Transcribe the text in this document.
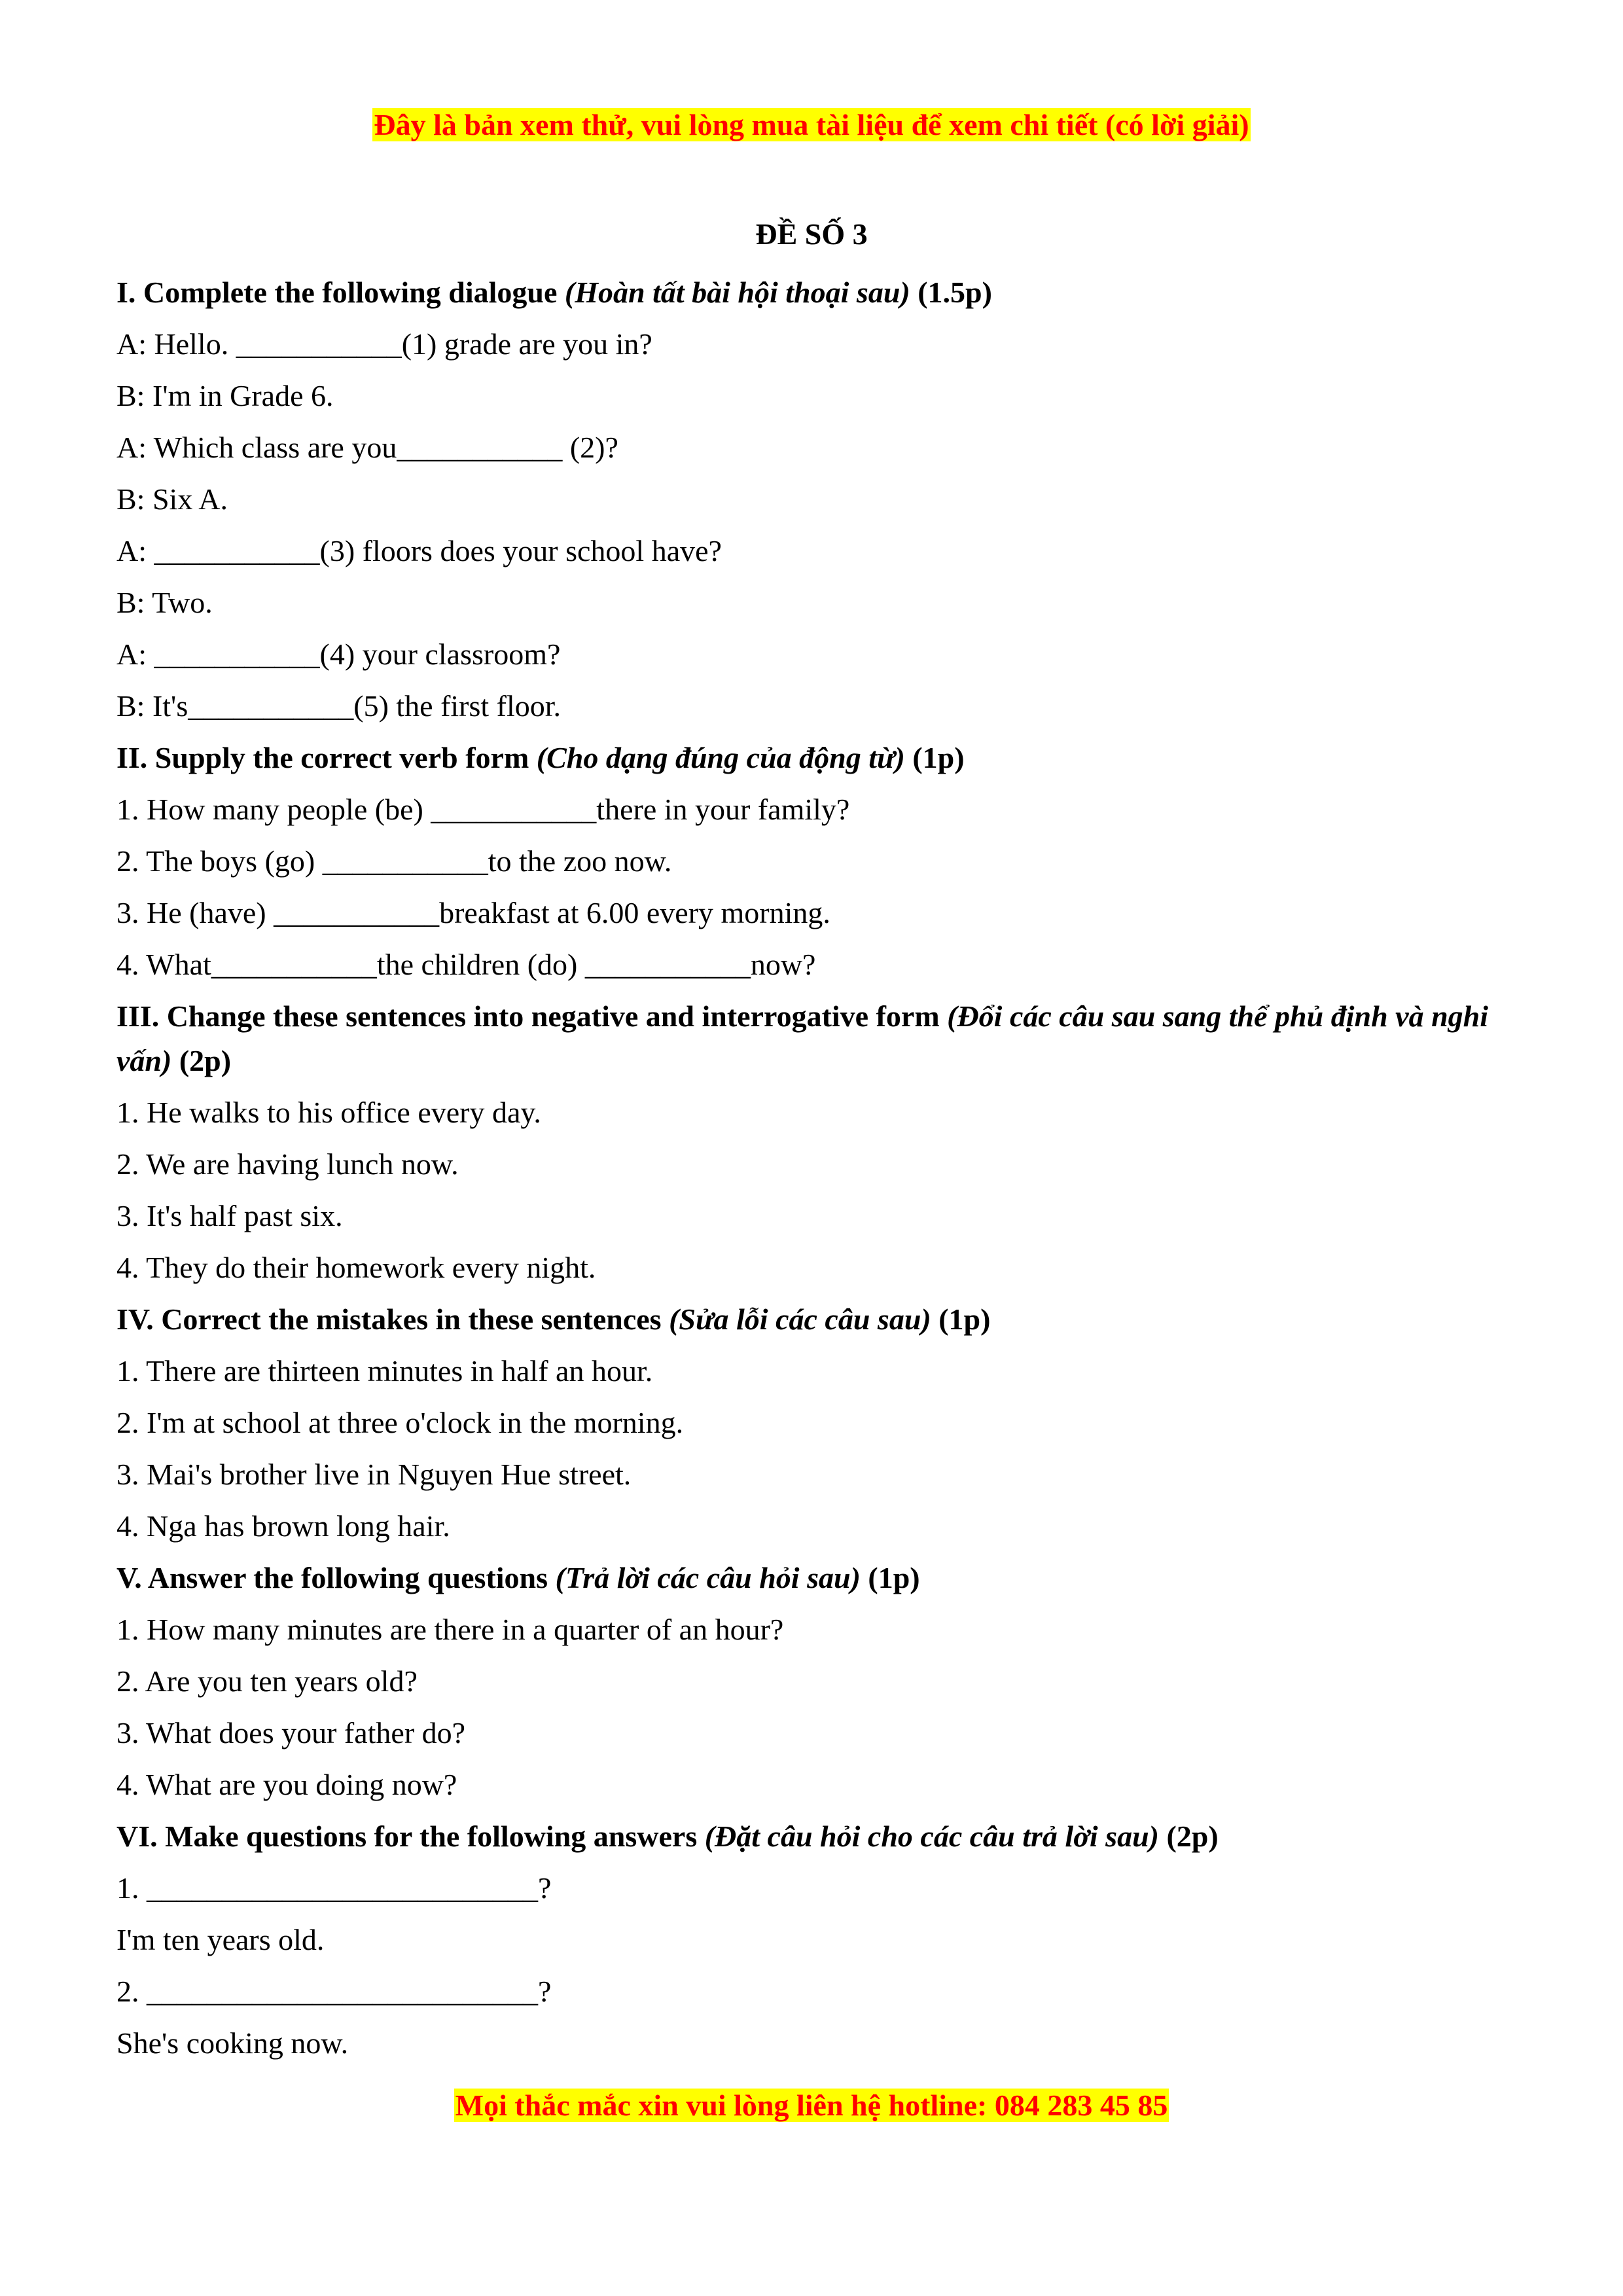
Đây là bản xem thử, vui lòng mua tài liệu để xem chi tiết (có lời giải)
ĐỀ SỐ 3
I. Complete the following dialogue (Hoàn tất bài hội thoại sau) (1.5p)
A: Hello. ___________(1) grade are you in?
B: I'm in Grade 6.
A: Which class are you___________ (2)?
B: Six A.
A: ___________(3) floors does your school have?
B: Two.
A: ___________(4) your classroom?
B: It's___________(5) the first floor.
II. Supply the correct verb form (Cho dạng đúng của động từ) (1p)
1. How many people (be) ___________there in your family?
2. The boys (go) ___________to the zoo now.
3. He (have) ___________breakfast at 6.00 every morning.
4. What___________the children (do) ___________now?
III. Change these sentences into negative and interrogative form (Đổi các câu sau sang thể phủ định và nghi vấn) (2p)
1. He walks to his office every day.
2. We are having lunch now.
3. It's half past six.
4. They do their homework every night.
IV. Correct the mistakes in these sentences (Sửa lỗi các câu sau) (1p)
1. There are thirteen minutes in half an hour.
2. I'm at school at three o'clock in the morning.
3. Mai's brother live in Nguyen Hue street.
4. Nga has brown long hair.
V. Answer the following questions (Trả lời các câu hỏi sau) (1p)
1. How many minutes are there in a quarter of an hour?
2. Are you ten years old?
3. What does your father do?
4. What are you doing now?
VI. Make questions for the following answers (Đặt câu hỏi cho các câu trả lời sau) (2p)
1. __________________________?
I'm ten years old.
2. __________________________?
She's cooking now.
Mọi thắc mắc xin vui lòng liên hệ hotline: 084 283 45 85
